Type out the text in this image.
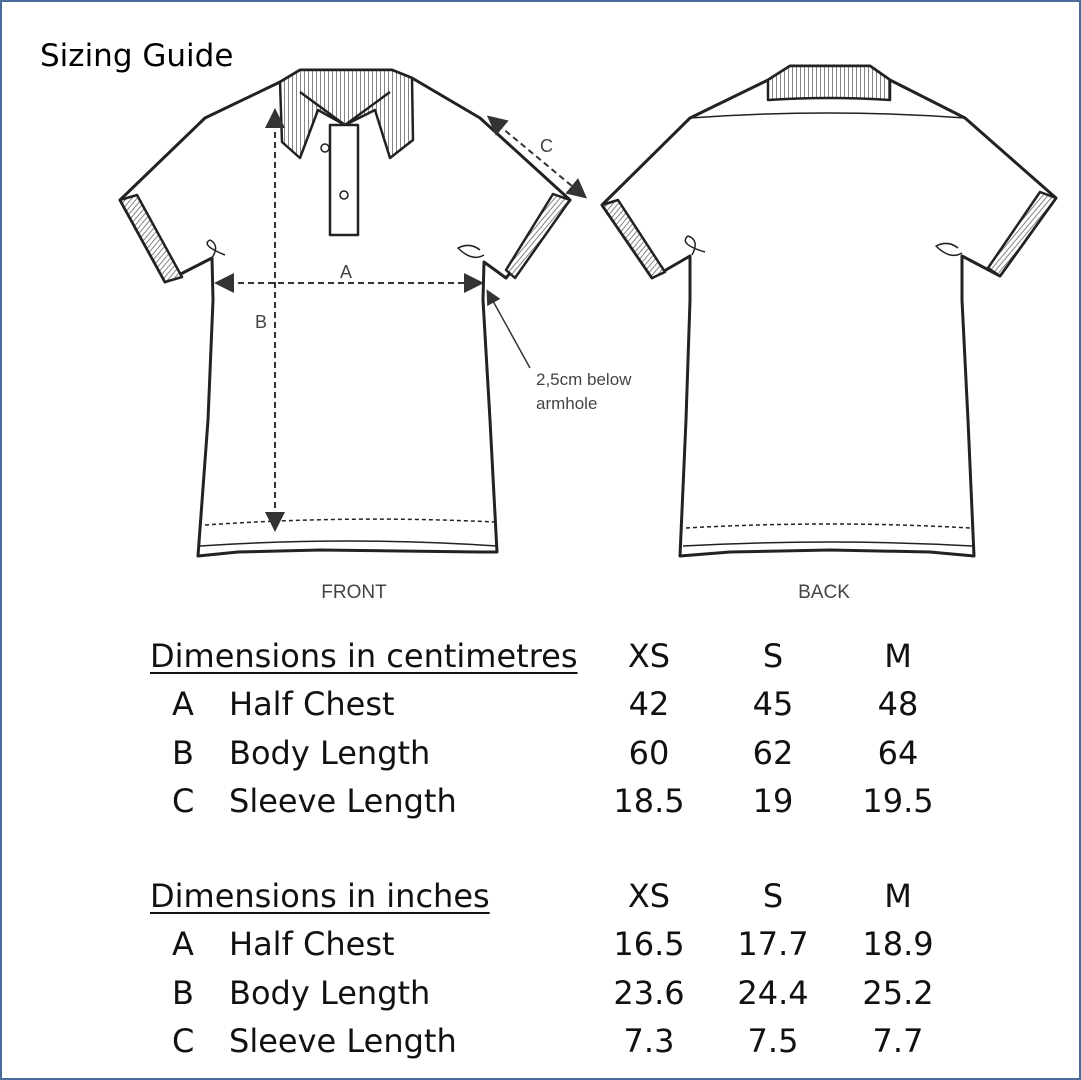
Sizing Guide
A
B
C
2,5cm below
armhole
FRONT	BACK
Dimensions in centimetres	XS	S	M
A Half Chest	42	45	48
B Body Length	60	62	64
C Sleeve Length	18.5	19	19.5
Dimensions in inches	XS	S	M
A Half Chest	16.5	17.7	18.9
B Body Length	23.6	24.4	25.2
C Sleeve Length	7.3	7.5	7.7
